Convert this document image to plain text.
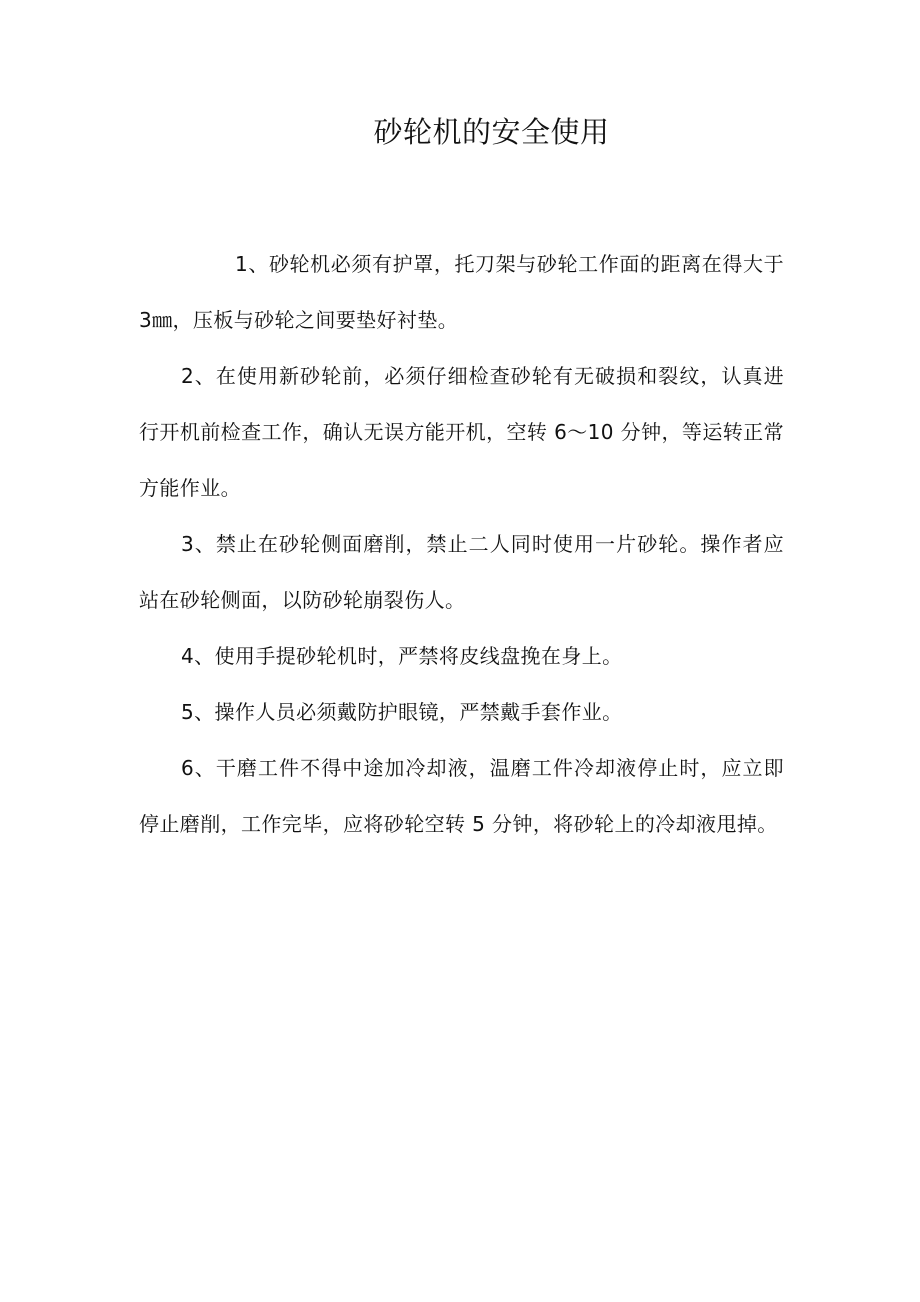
砂轮机的安全使用

1、砂轮机必须有护罩，托刀架与砂轮工作面的距离在得大于 3㎜，压板与砂轮之间要垫好衬垫。

2、在使用新砂轮前，必须仔细检查砂轮有无破损和裂纹，认真进行开机前检查工作，确认无误方能开机，空转 6～10 分钟，等运转正常方能作业。

3、禁止在砂轮侧面磨削，禁止二人同时使用一片砂轮。操作者应站在砂轮侧面，以防砂轮崩裂伤人。

4、使用手提砂轮机时，严禁将皮线盘挽在身上。

5、操作人员必须戴防护眼镜，严禁戴手套作业。

6、干磨工件不得中途加冷却液，温磨工件冷却液停止时，应立即停止磨削，工作完毕，应将砂轮空转 5 分钟，将砂轮上的冷却液甩掉。
